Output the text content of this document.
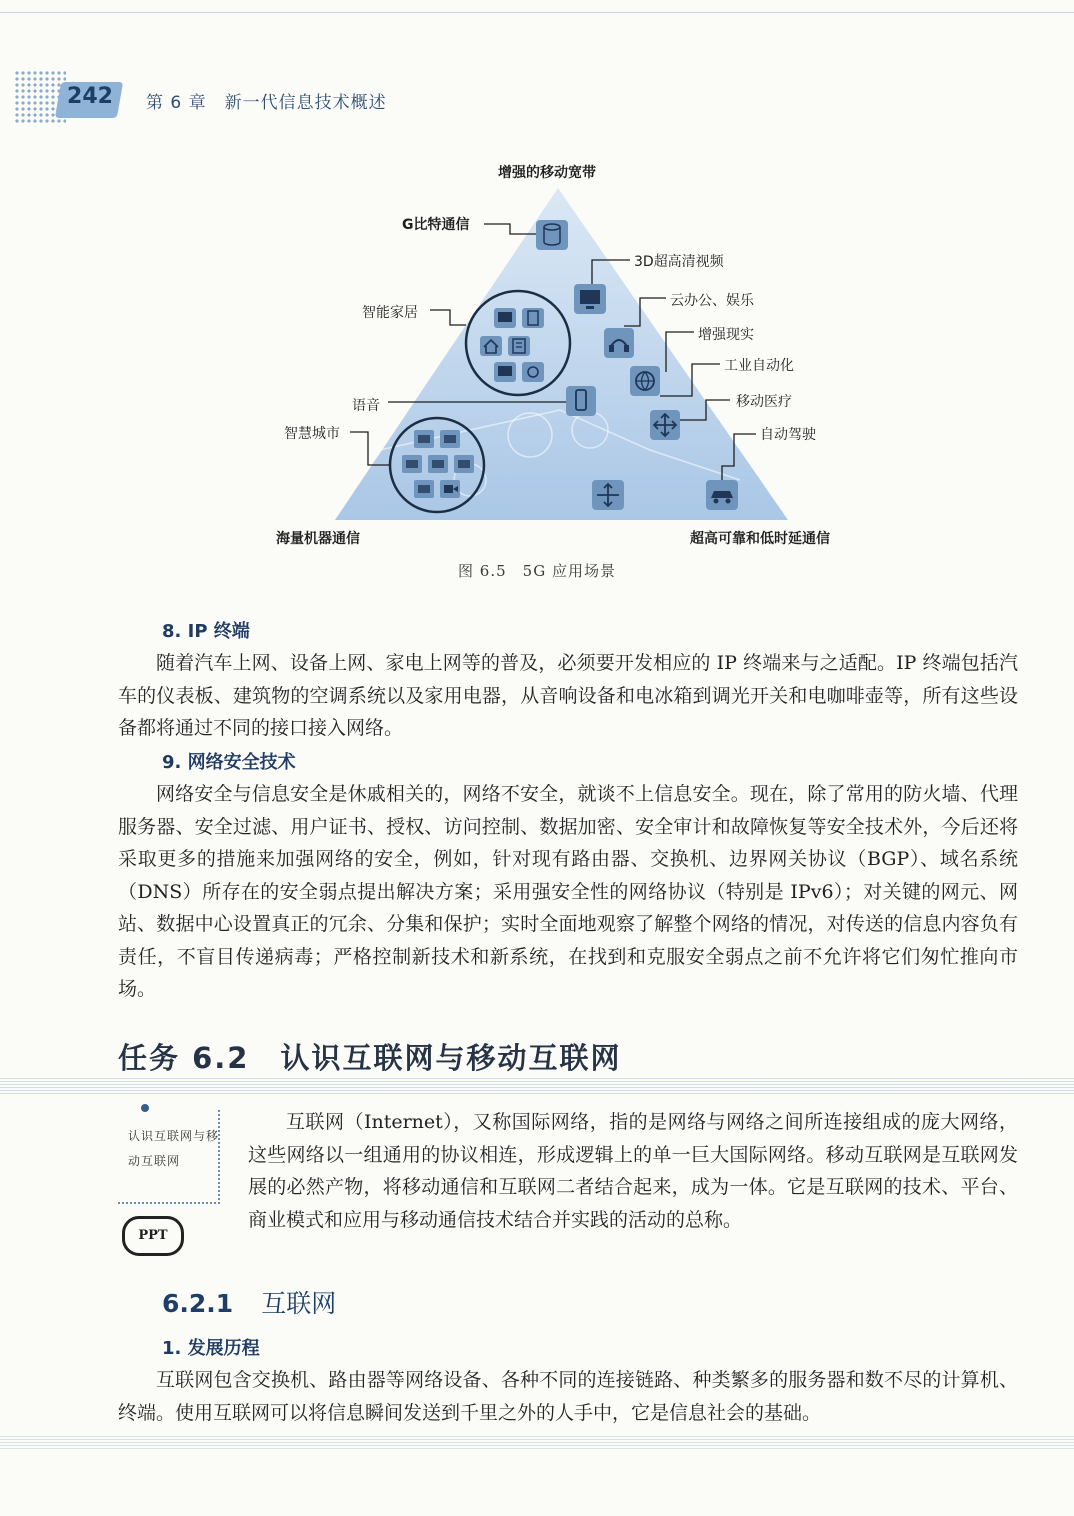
242 第 6 章　新一代信息技术概述
增强的移动宽带
G比特通信
3D超高清视频
云办公、娱乐
智能家居
增强现实
工业自动化
语音	移动医疗
智慧城市	自动驾驶
海量机器通信	超高可靠和低时延通信
图 6.5　5G 应用场景
8. IP 终端
随着汽车上网、设备上网、家电上网等的普及，必须要开发相应的 IP 终端来与之适配。IP 终端包括汽车的仪表板、建筑物的空调系统以及家用电器，从音响设备和电冰箱到调光开关和电咖啡壶等，所有这些设备都将通过不同的接口接入网络。
9. 网络安全技术
网络安全与信息安全是休戚相关的，网络不安全，就谈不上信息安全。现在，除了常用的防火墙、代理服务器、安全过滤、用户证书、授权、访问控制、数据加密、安全审计和故障恢复等安全技术外，今后还将采取更多的措施来加强网络的安全，例如，针对现有路由器、交换机、边界网关协议（BGP）、域名系统（DNS）所存在的安全弱点提出解决方案；采用强安全性的网络协议（特别是 IPv6）；对关键的网元、网站、数据中心设置真正的冗余、分集和保护；实时全面地观察了解整个网络的情况，对传送的信息内容负有责任，不盲目传递病毒；严格控制新技术和新系统，在找到和克服安全弱点之前不允许将它们匆忙推向市场。
任务 6.2　认识互联网与移动互联网
认识互联网与移动互联网
PPT
互联网（Internet），又称国际网络，指的是网络与网络之间所连接组成的庞大网络，这些网络以一组通用的协议相连，形成逻辑上的单一巨大国际网络。移动互联网是互联网发展的必然产物，将移动通信和互联网二者结合起来，成为一体。它是互联网的技术、平台、商业模式和应用与移动通信技术结合并实践的活动的总称。
6.2.1 互联网
1. 发展历程
互联网包含交换机、路由器等网络设备、各种不同的连接链路、种类繁多的服务器和数不尽的计算机、终端。使用互联网可以将信息瞬间发送到千里之外的人手中，它是信息社会的基础。
